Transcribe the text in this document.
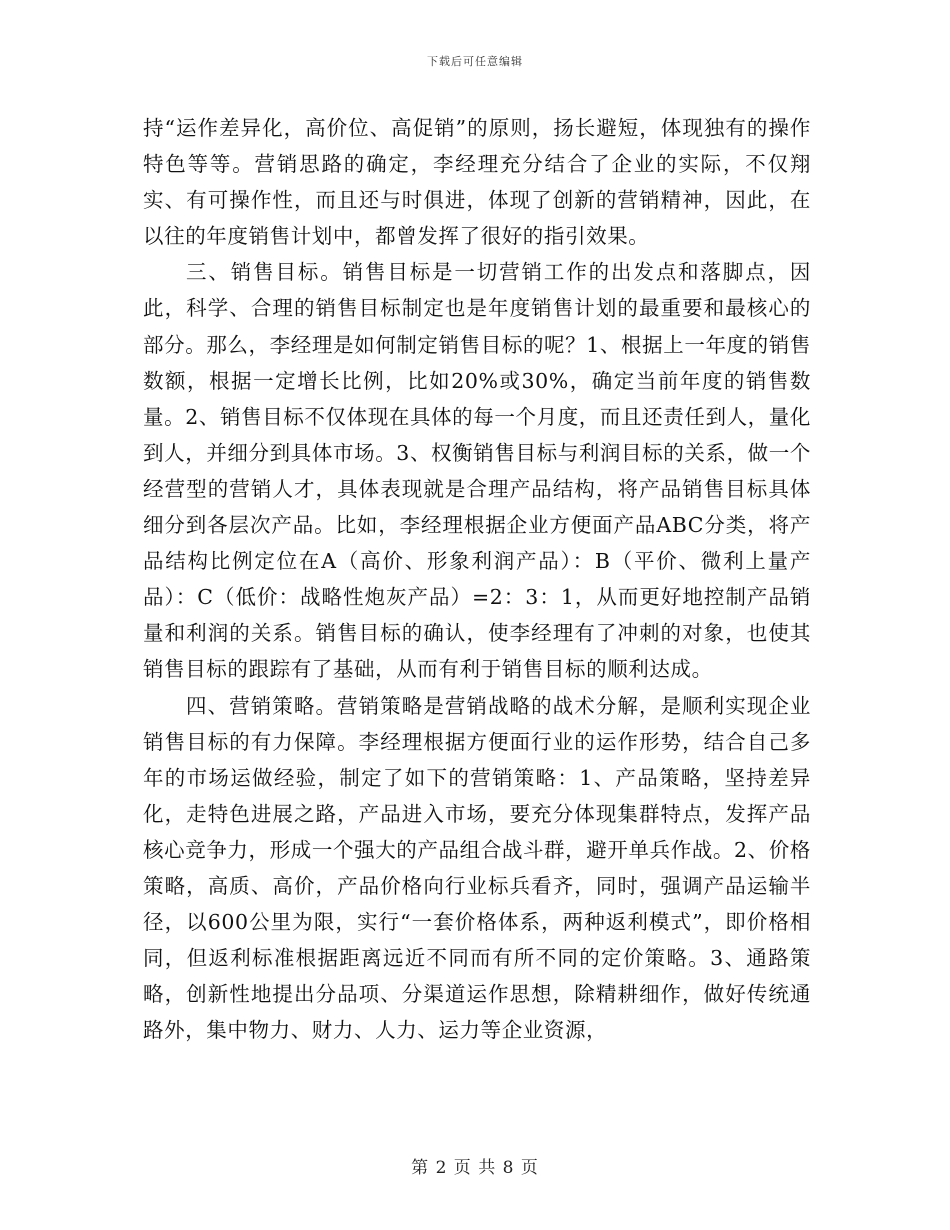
下载后可任意编辑

持“运作差异化，高价位、高促销”的原则，扬长避短，体现独有的操作特色等等。营销思路的确定，李经理充分结合了企业的实际，不仅翔实、有可操作性，而且还与时俱进，体现了创新的营销精神，因此，在以往的年度销售计划中，都曾发挥了很好的指引效果。

三、销售目标。销售目标是一切营销工作的出发点和落脚点，因此，科学、合理的销售目标制定也是年度销售计划的最重要和最核心的部分。那么，李经理是如何制定销售目标的呢？1、根据上一年度的销售数额，根据一定增长比例，比如20%或30%，确定当前年度的销售数量。2、销售目标不仅体现在具体的每一个月度，而且还责任到人，量化到人，并细分到具体市场。3、权衡销售目标与利润目标的关系，做一个经营型的营销人才，具体表现就是合理产品结构，将产品销售目标具体细分到各层次产品。比如，李经理根据企业方便面产品ABC分类，将产品结构比例定位在A（高价、形象利润产品）：B（平价、微利上量产品）：C（低价：战略性炮灰产品）=2：3：1，从而更好地控制产品销量和利润的关系。销售目标的确认，使李经理有了冲刺的对象，也使其销售目标的跟踪有了基础，从而有利于销售目标的顺利达成。

四、营销策略。营销策略是营销战略的战术分解，是顺利实现企业销售目标的有力保障。李经理根据方便面行业的运作形势，结合自己多年的市场运做经验，制定了如下的营销策略：1、产品策略，坚持差异化，走特色进展之路，产品进入市场，要充分体现集群特点，发挥产品核心竞争力，形成一个强大的产品组合战斗群，避开单兵作战。2、价格策略，高质、高价，产品价格向行业标兵看齐，同时，强调产品运输半径，以600公里为限，实行“一套价格体系，两种返利模式”，即价格相同，但返利标准根据距离远近不同而有所不同的定价策略。3、通路策略，创新性地提出分品项、分渠道运作思想，除精耕细作，做好传统通路外，集中物力、财力、人力、运力等企业资源，

第 2 页 共 8 页
